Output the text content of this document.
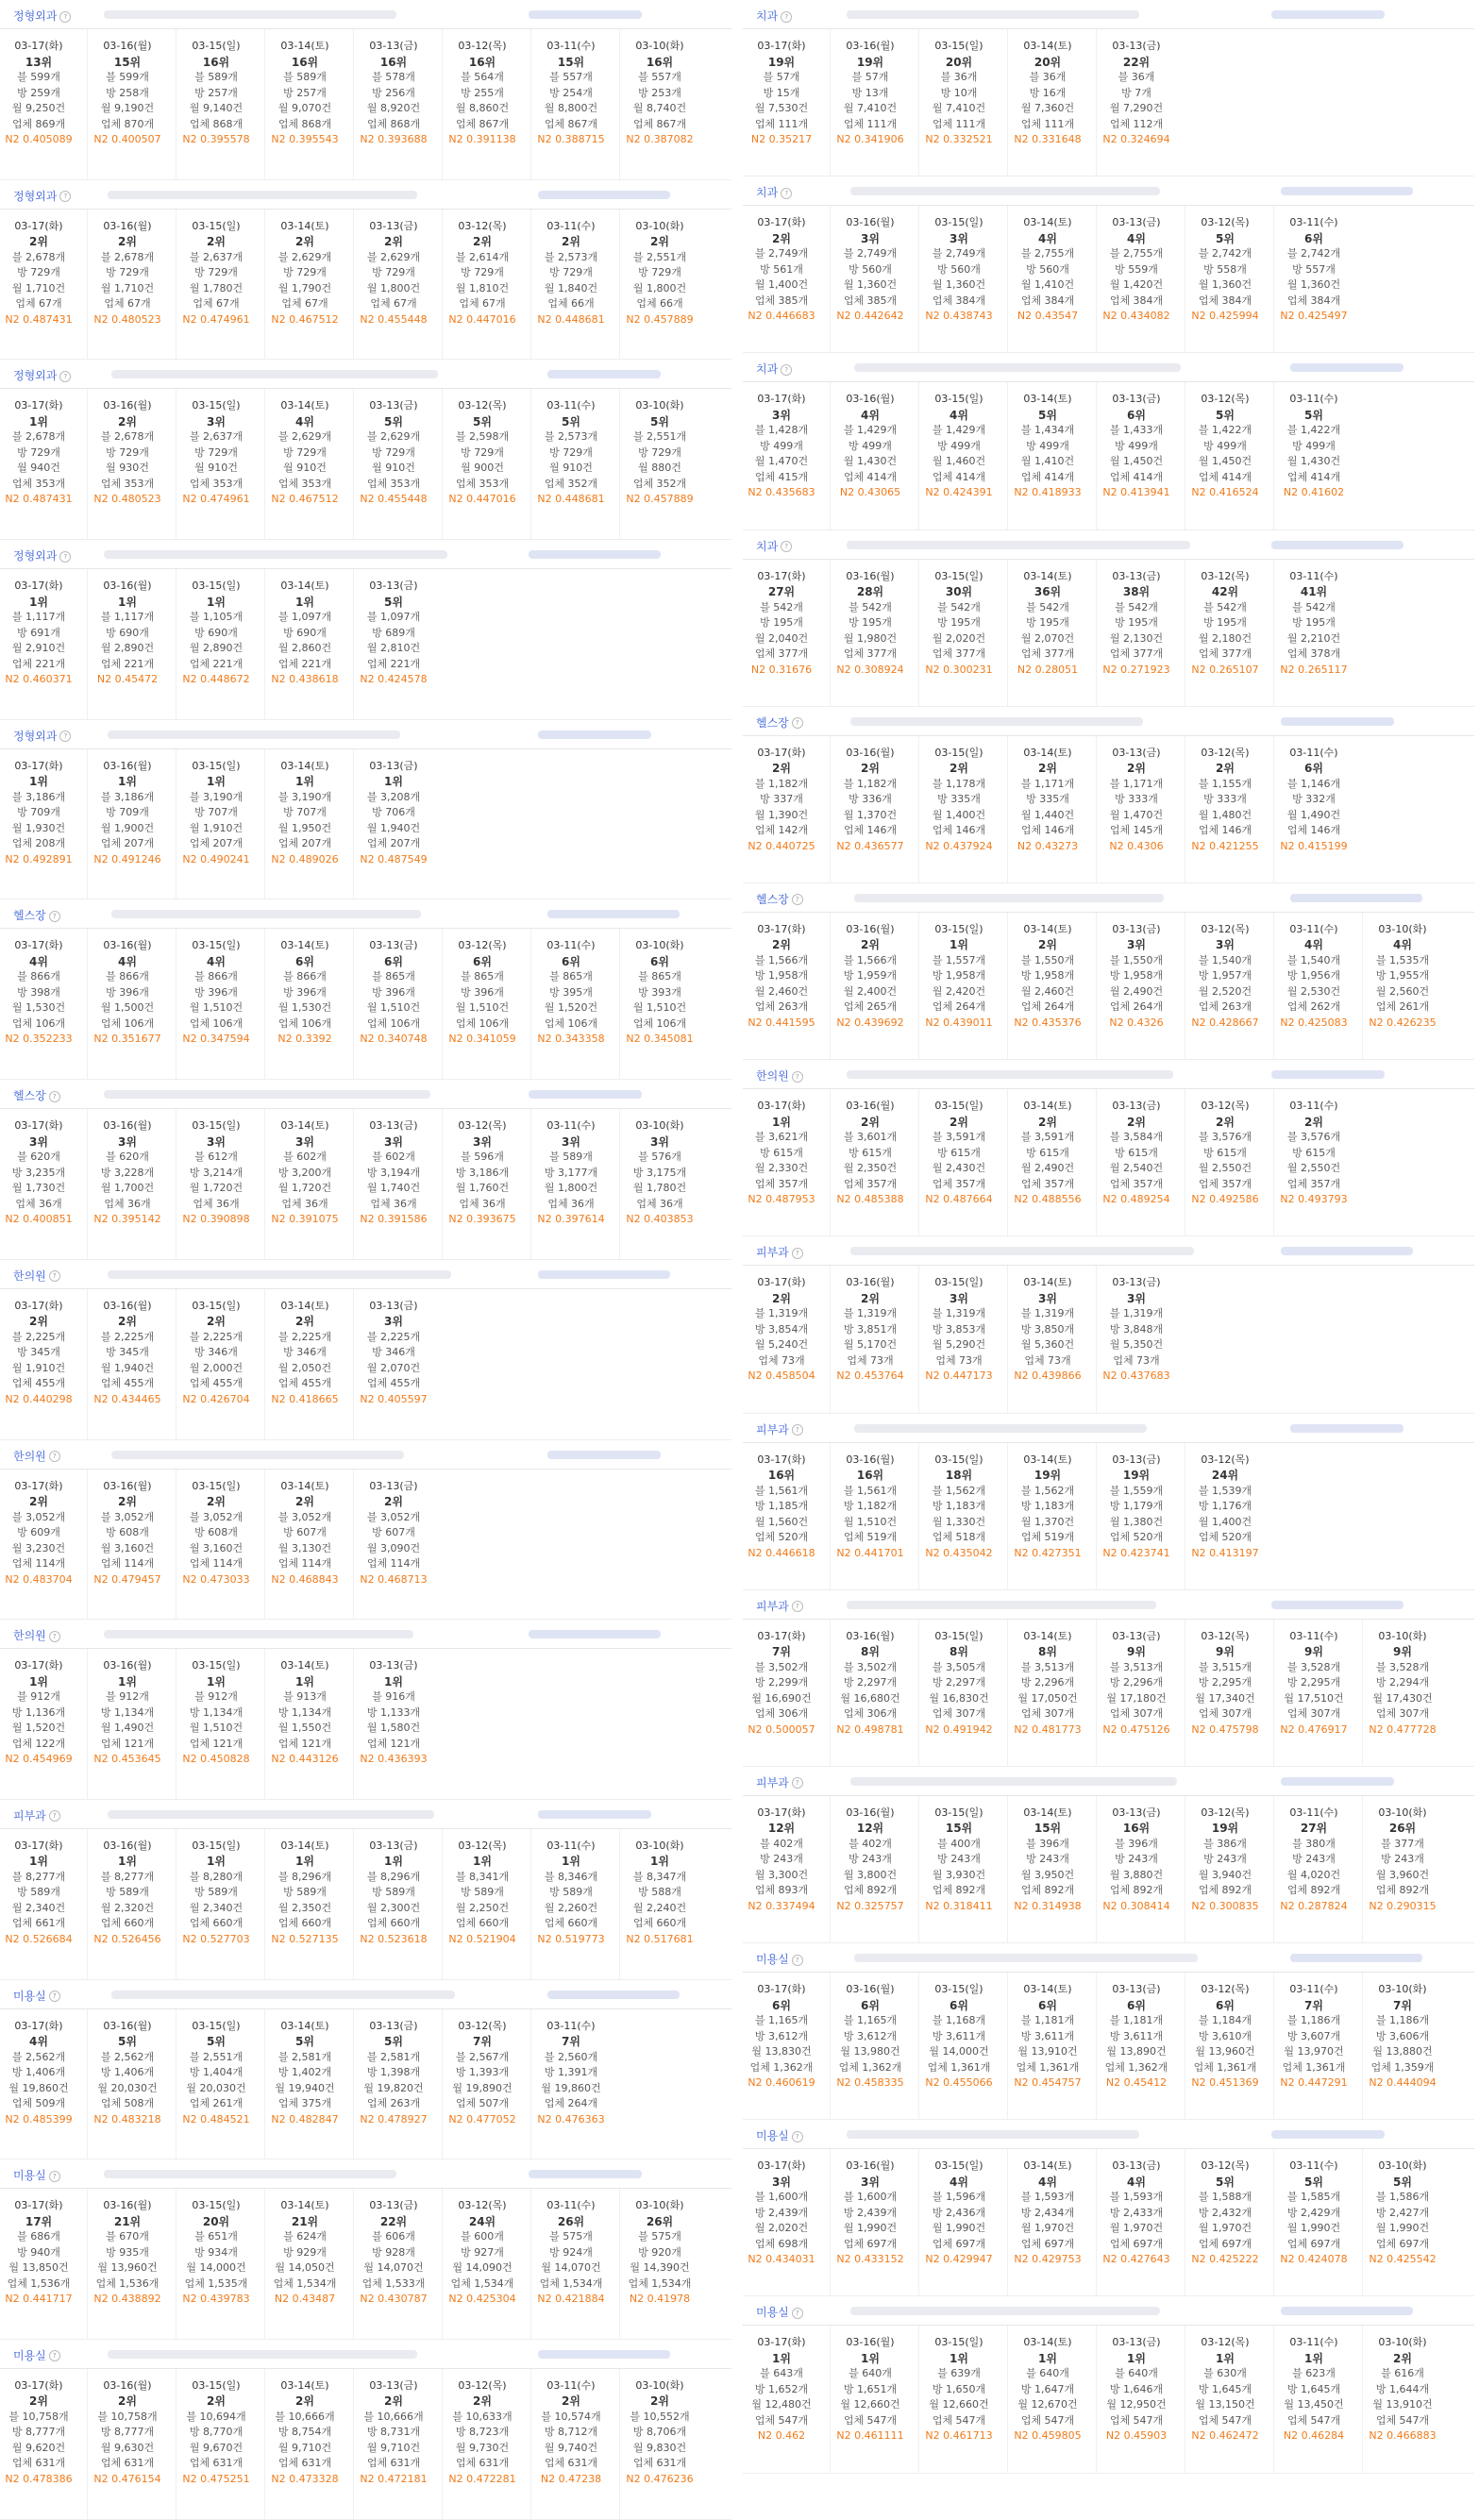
정형외과 ?
03-17(화)
13위
블 599개
방 259개
월 9,250건
업체 869개
N2 0.405089
03-16(월)
15위
블 599개
방 258개
월 9,190건
업체 870개
N2 0.400507
03-15(일)
16위
블 589개
방 257개
월 9,140건
업체 868개
N2 0.395578
03-14(토)
16위
블 589개
방 257개
월 9,070건
업체 868개
N2 0.395543
03-13(금)
16위
블 578개
방 256개
월 8,920건
업체 868개
N2 0.393688
03-12(목)
16위
블 564개
방 255개
월 8,860건
업체 867개
N2 0.391138
03-11(수)
15위
블 557개
방 254개
월 8,800건
업체 867개
N2 0.388715
03-10(화)
16위
블 557개
방 253개
월 8,740건
업체 867개
N2 0.387082
정형외과 ?
03-17(화)
2위
블 2,678개
방 729개
월 1,710건
업체 67개
N2 0.487431
03-16(월)
2위
블 2,678개
방 729개
월 1,710건
업체 67개
N2 0.480523
03-15(일)
2위
블 2,637개
방 729개
월 1,780건
업체 67개
N2 0.474961
03-14(토)
2위
블 2,629개
방 729개
월 1,790건
업체 67개
N2 0.467512
03-13(금)
2위
블 2,629개
방 729개
월 1,800건
업체 67개
N2 0.455448
03-12(목)
2위
블 2,614개
방 729개
월 1,810건
업체 67개
N2 0.447016
03-11(수)
2위
블 2,573개
방 729개
월 1,840건
업체 66개
N2 0.448681
03-10(화)
2위
블 2,551개
방 729개
월 1,800건
업체 66개
N2 0.457889
정형외과 ?
03-17(화)
1위
블 2,678개
방 729개
월 940건
업체 353개
N2 0.487431
03-16(월)
2위
블 2,678개
방 729개
월 930건
업체 353개
N2 0.480523
03-15(일)
3위
블 2,637개
방 729개
월 910건
업체 353개
N2 0.474961
03-14(토)
4위
블 2,629개
방 729개
월 910건
업체 353개
N2 0.467512
03-13(금)
5위
블 2,629개
방 729개
월 910건
업체 353개
N2 0.455448
03-12(목)
5위
블 2,598개
방 729개
월 900건
업체 353개
N2 0.447016
03-11(수)
5위
블 2,573개
방 729개
월 910건
업체 352개
N2 0.448681
03-10(화)
5위
블 2,551개
방 729개
월 880건
업체 352개
N2 0.457889
정형외과 ?
03-17(화)
1위
블 1,117개
방 691개
월 2,910건
업체 221개
N2 0.460371
03-16(월)
1위
블 1,117개
방 690개
월 2,890건
업체 221개
N2 0.45472
03-15(일)
1위
블 1,105개
방 690개
월 2,890건
업체 221개
N2 0.448672
03-14(토)
1위
블 1,097개
방 690개
월 2,860건
업체 221개
N2 0.438618
03-13(금)
5위
블 1,097개
방 689개
월 2,810건
업체 221개
N2 0.424578
정형외과 ?
03-17(화)
1위
블 3,186개
방 709개
월 1,930건
업체 208개
N2 0.492891
03-16(월)
1위
블 3,186개
방 709개
월 1,900건
업체 207개
N2 0.491246
03-15(일)
1위
블 3,190개
방 707개
월 1,910건
업체 207개
N2 0.490241
03-14(토)
1위
블 3,190개
방 707개
월 1,950건
업체 207개
N2 0.489026
03-13(금)
1위
블 3,208개
방 706개
월 1,940건
업체 207개
N2 0.487549
헬스장 ?
03-17(화)
4위
블 866개
방 398개
월 1,530건
업체 106개
N2 0.352233
03-16(월)
4위
블 866개
방 396개
월 1,500건
업체 106개
N2 0.351677
03-15(일)
4위
블 866개
방 396개
월 1,510건
업체 106개
N2 0.347594
03-14(토)
6위
블 866개
방 396개
월 1,530건
업체 106개
N2 0.3392
03-13(금)
6위
블 865개
방 396개
월 1,510건
업체 106개
N2 0.340748
03-12(목)
6위
블 865개
방 396개
월 1,510건
업체 106개
N2 0.341059
03-11(수)
6위
블 865개
방 395개
월 1,520건
업체 106개
N2 0.343358
03-10(화)
6위
블 865개
방 393개
월 1,510건
업체 106개
N2 0.345081
헬스장 ?
03-17(화)
3위
블 620개
방 3,235개
월 1,730건
업체 36개
N2 0.400851
03-16(월)
3위
블 620개
방 3,228개
월 1,700건
업체 36개
N2 0.395142
03-15(일)
3위
블 612개
방 3,214개
월 1,720건
업체 36개
N2 0.390898
03-14(토)
3위
블 602개
방 3,200개
월 1,720건
업체 36개
N2 0.391075
03-13(금)
3위
블 602개
방 3,194개
월 1,740건
업체 36개
N2 0.391586
03-12(목)
3위
블 596개
방 3,186개
월 1,760건
업체 36개
N2 0.393675
03-11(수)
3위
블 589개
방 3,177개
월 1,800건
업체 36개
N2 0.397614
03-10(화)
3위
블 576개
방 3,175개
월 1,780건
업체 36개
N2 0.403853
한의원 ?
03-17(화)
2위
블 2,225개
방 345개
월 1,910건
업체 455개
N2 0.440298
03-16(월)
2위
블 2,225개
방 345개
월 1,940건
업체 455개
N2 0.434465
03-15(일)
2위
블 2,225개
방 346개
월 2,000건
업체 455개
N2 0.426704
03-14(토)
2위
블 2,225개
방 346개
월 2,050건
업체 455개
N2 0.418665
03-13(금)
3위
블 2,225개
방 346개
월 2,070건
업체 455개
N2 0.405597
한의원 ?
03-17(화)
2위
블 3,052개
방 609개
월 3,230건
업체 114개
N2 0.483704
03-16(월)
2위
블 3,052개
방 608개
월 3,160건
업체 114개
N2 0.479457
03-15(일)
2위
블 3,052개
방 608개
월 3,160건
업체 114개
N2 0.473033
03-14(토)
2위
블 3,052개
방 607개
월 3,130건
업체 114개
N2 0.468843
03-13(금)
2위
블 3,052개
방 607개
월 3,090건
업체 114개
N2 0.468713
한의원 ?
03-17(화)
1위
블 912개
방 1,136개
월 1,520건
업체 122개
N2 0.454969
03-16(월)
1위
블 912개
방 1,134개
월 1,490건
업체 121개
N2 0.453645
03-15(일)
1위
블 912개
방 1,134개
월 1,510건
업체 121개
N2 0.450828
03-14(토)
1위
블 913개
방 1,134개
월 1,550건
업체 121개
N2 0.443126
03-13(금)
1위
블 916개
방 1,133개
월 1,580건
업체 121개
N2 0.436393
피부과 ?
03-17(화)
1위
블 8,277개
방 589개
월 2,340건
업체 661개
N2 0.526684
03-16(월)
1위
블 8,277개
방 589개
월 2,320건
업체 660개
N2 0.526456
03-15(일)
1위
블 8,280개
방 589개
월 2,340건
업체 660개
N2 0.527703
03-14(토)
1위
블 8,296개
방 589개
월 2,350건
업체 660개
N2 0.527135
03-13(금)
1위
블 8,296개
방 589개
월 2,300건
업체 660개
N2 0.523618
03-12(목)
1위
블 8,341개
방 589개
월 2,250건
업체 660개
N2 0.521904
03-11(수)
1위
블 8,346개
방 589개
월 2,260건
업체 660개
N2 0.519773
03-10(화)
1위
블 8,347개
방 588개
월 2,240건
업체 660개
N2 0.517681
미용실 ?
03-17(화)
4위
블 2,562개
방 1,406개
월 19,860건
업체 509개
N2 0.485399
03-16(월)
5위
블 2,562개
방 1,406개
월 20,030건
업체 508개
N2 0.483218
03-15(일)
5위
블 2,551개
방 1,404개
월 20,030건
업체 261개
N2 0.484521
03-14(토)
5위
블 2,581개
방 1,402개
월 19,940건
업체 375개
N2 0.482847
03-13(금)
5위
블 2,581개
방 1,398개
월 19,820건
업체 263개
N2 0.478927
03-12(목)
7위
블 2,567개
방 1,393개
월 19,890건
업체 507개
N2 0.477052
03-11(수)
7위
블 2,560개
방 1,391개
월 19,860건
업체 264개
N2 0.476363
미용실 ?
03-17(화)
17위
블 686개
방 940개
월 13,850건
업체 1,536개
N2 0.441717
03-16(월)
21위
블 670개
방 935개
월 13,960건
업체 1,536개
N2 0.438892
03-15(일)
20위
블 651개
방 934개
월 14,000건
업체 1,535개
N2 0.439783
03-14(토)
21위
블 624개
방 929개
월 14,050건
업체 1,534개
N2 0.43487
03-13(금)
22위
블 606개
방 928개
월 14,070건
업체 1,533개
N2 0.430787
03-12(목)
24위
블 600개
방 927개
월 14,090건
업체 1,534개
N2 0.425304
03-11(수)
26위
블 575개
방 924개
월 14,070건
업체 1,534개
N2 0.421884
03-10(화)
26위
블 575개
방 920개
월 14,390건
업체 1,534개
N2 0.41978
미용실 ?
03-17(화)
2위
블 10,758개
방 8,777개
월 9,620건
업체 631개
N2 0.478386
03-16(월)
2위
블 10,758개
방 8,777개
월 9,630건
업체 631개
N2 0.476154
03-15(일)
2위
블 10,694개
방 8,770개
월 9,670건
업체 631개
N2 0.475251
03-14(토)
2위
블 10,666개
방 8,754개
월 9,710건
업체 631개
N2 0.473328
03-13(금)
2위
블 10,666개
방 8,731개
월 9,710건
업체 631개
N2 0.472181
03-12(목)
2위
블 10,633개
방 8,723개
월 9,730건
업체 631개
N2 0.472281
03-11(수)
2위
블 10,574개
방 8,712개
월 9,740건
업체 631개
N2 0.47238
03-10(화)
2위
블 10,552개
방 8,706개
월 9,830건
업체 631개
N2 0.476236
치과 ?
03-17(화)
19위
블 57개
방 15개
월 7,530건
업체 111개
N2 0.35217
03-16(월)
19위
블 57개
방 13개
월 7,410건
업체 111개
N2 0.341906
03-15(일)
20위
블 36개
방 10개
월 7,410건
업체 111개
N2 0.332521
03-14(토)
20위
블 36개
방 16개
월 7,360건
업체 111개
N2 0.331648
03-13(금)
22위
블 36개
방 7개
월 7,290건
업체 112개
N2 0.324694
치과 ?
03-17(화)
2위
블 2,749개
방 561개
월 1,400건
업체 385개
N2 0.446683
03-16(월)
3위
블 2,749개
방 560개
월 1,360건
업체 385개
N2 0.442642
03-15(일)
3위
블 2,749개
방 560개
월 1,360건
업체 384개
N2 0.438743
03-14(토)
4위
블 2,755개
방 560개
월 1,410건
업체 384개
N2 0.43547
03-13(금)
4위
블 2,755개
방 559개
월 1,420건
업체 384개
N2 0.434082
03-12(목)
5위
블 2,742개
방 558개
월 1,360건
업체 384개
N2 0.425994
03-11(수)
6위
블 2,742개
방 557개
월 1,360건
업체 384개
N2 0.425497
치과 ?
03-17(화)
3위
블 1,428개
방 499개
월 1,470건
업체 415개
N2 0.435683
03-16(월)
4위
블 1,429개
방 499개
월 1,430건
업체 414개
N2 0.43065
03-15(일)
4위
블 1,429개
방 499개
월 1,460건
업체 414개
N2 0.424391
03-14(토)
5위
블 1,434개
방 499개
월 1,410건
업체 414개
N2 0.418933
03-13(금)
6위
블 1,433개
방 499개
월 1,450건
업체 414개
N2 0.413941
03-12(목)
5위
블 1,422개
방 499개
월 1,450건
업체 414개
N2 0.416524
03-11(수)
5위
블 1,422개
방 499개
월 1,430건
업체 414개
N2 0.41602
치과 ?
03-17(화)
27위
블 542개
방 195개
월 2,040건
업체 377개
N2 0.31676
03-16(월)
28위
블 542개
방 195개
월 1,980건
업체 377개
N2 0.308924
03-15(일)
30위
블 542개
방 195개
월 2,020건
업체 377개
N2 0.300231
03-14(토)
36위
블 542개
방 195개
월 2,070건
업체 377개
N2 0.28051
03-13(금)
38위
블 542개
방 195개
월 2,130건
업체 377개
N2 0.271923
03-12(목)
42위
블 542개
방 195개
월 2,180건
업체 377개
N2 0.265107
03-11(수)
41위
블 542개
방 195개
월 2,210건
업체 378개
N2 0.265117
헬스장 ?
03-17(화)
2위
블 1,182개
방 337개
월 1,390건
업체 142개
N2 0.440725
03-16(월)
2위
블 1,182개
방 336개
월 1,370건
업체 146개
N2 0.436577
03-15(일)
2위
블 1,178개
방 335개
월 1,400건
업체 146개
N2 0.437924
03-14(토)
2위
블 1,171개
방 335개
월 1,440건
업체 146개
N2 0.43273
03-13(금)
2위
블 1,171개
방 333개
월 1,470건
업체 145개
N2 0.4306
03-12(목)
2위
블 1,155개
방 333개
월 1,480건
업체 146개
N2 0.421255
03-11(수)
6위
블 1,146개
방 332개
월 1,490건
업체 146개
N2 0.415199
헬스장 ?
03-17(화)
2위
블 1,566개
방 1,958개
월 2,460건
업체 263개
N2 0.441595
03-16(월)
2위
블 1,566개
방 1,959개
월 2,400건
업체 265개
N2 0.439692
03-15(일)
1위
블 1,557개
방 1,958개
월 2,420건
업체 264개
N2 0.439011
03-14(토)
2위
블 1,550개
방 1,958개
월 2,460건
업체 264개
N2 0.435376
03-13(금)
3위
블 1,550개
방 1,958개
월 2,490건
업체 264개
N2 0.4326
03-12(목)
3위
블 1,540개
방 1,957개
월 2,520건
업체 263개
N2 0.428667
03-11(수)
4위
블 1,540개
방 1,956개
월 2,530건
업체 262개
N2 0.425083
03-10(화)
4위
블 1,535개
방 1,955개
월 2,560건
업체 261개
N2 0.426235
한의원 ?
03-17(화)
1위
블 3,621개
방 615개
월 2,330건
업체 357개
N2 0.487953
03-16(월)
2위
블 3,601개
방 615개
월 2,350건
업체 357개
N2 0.485388
03-15(일)
2위
블 3,591개
방 615개
월 2,430건
업체 357개
N2 0.487664
03-14(토)
2위
블 3,591개
방 615개
월 2,490건
업체 357개
N2 0.488556
03-13(금)
2위
블 3,584개
방 615개
월 2,540건
업체 357개
N2 0.489254
03-12(목)
2위
블 3,576개
방 615개
월 2,550건
업체 357개
N2 0.492586
03-11(수)
2위
블 3,576개
방 615개
월 2,550건
업체 357개
N2 0.493793
피부과 ?
03-17(화)
2위
블 1,319개
방 3,854개
월 5,240건
업체 73개
N2 0.458504
03-16(월)
2위
블 1,319개
방 3,851개
월 5,170건
업체 73개
N2 0.453764
03-15(일)
3위
블 1,319개
방 3,853개
월 5,290건
업체 73개
N2 0.447173
03-14(토)
3위
블 1,319개
방 3,850개
월 5,360건
업체 73개
N2 0.439866
03-13(금)
3위
블 1,319개
방 3,848개
월 5,350건
업체 73개
N2 0.437683
피부과 ?
03-17(화)
16위
블 1,561개
방 1,185개
월 1,560건
업체 520개
N2 0.446618
03-16(월)
16위
블 1,561개
방 1,182개
월 1,510건
업체 519개
N2 0.441701
03-15(일)
18위
블 1,562개
방 1,183개
월 1,330건
업체 518개
N2 0.435042
03-14(토)
19위
블 1,562개
방 1,183개
월 1,370건
업체 519개
N2 0.427351
03-13(금)
19위
블 1,559개
방 1,179개
월 1,380건
업체 520개
N2 0.423741
03-12(목)
24위
블 1,539개
방 1,176개
월 1,400건
업체 520개
N2 0.413197
피부과 ?
03-17(화)
7위
블 3,502개
방 2,299개
월 16,690건
업체 306개
N2 0.500057
03-16(월)
8위
블 3,502개
방 2,297개
월 16,680건
업체 306개
N2 0.498781
03-15(일)
8위
블 3,505개
방 2,297개
월 16,830건
업체 307개
N2 0.491942
03-14(토)
8위
블 3,513개
방 2,296개
월 17,050건
업체 307개
N2 0.481773
03-13(금)
9위
블 3,513개
방 2,296개
월 17,180건
업체 307개
N2 0.475126
03-12(목)
9위
블 3,515개
방 2,295개
월 17,340건
업체 307개
N2 0.475798
03-11(수)
9위
블 3,528개
방 2,295개
월 17,510건
업체 307개
N2 0.476917
03-10(화)
9위
블 3,528개
방 2,294개
월 17,430건
업체 307개
N2 0.477728
피부과 ?
03-17(화)
12위
블 402개
방 243개
월 3,300건
업체 893개
N2 0.337494
03-16(월)
12위
블 402개
방 243개
월 3,800건
업체 892개
N2 0.325757
03-15(일)
15위
블 400개
방 243개
월 3,930건
업체 892개
N2 0.318411
03-14(토)
15위
블 396개
방 243개
월 3,950건
업체 892개
N2 0.314938
03-13(금)
16위
블 396개
방 243개
월 3,880건
업체 892개
N2 0.308414
03-12(목)
19위
블 386개
방 243개
월 3,940건
업체 892개
N2 0.300835
03-11(수)
27위
블 380개
방 243개
월 4,020건
업체 892개
N2 0.287824
03-10(화)
26위
블 377개
방 243개
월 3,960건
업체 892개
N2 0.290315
미용실 ?
03-17(화)
6위
블 1,165개
방 3,612개
월 13,830건
업체 1,362개
N2 0.460619
03-16(월)
6위
블 1,165개
방 3,612개
월 13,980건
업체 1,362개
N2 0.458335
03-15(일)
6위
블 1,168개
방 3,611개
월 14,000건
업체 1,361개
N2 0.455066
03-14(토)
6위
블 1,181개
방 3,611개
월 13,910건
업체 1,361개
N2 0.454757
03-13(금)
6위
블 1,181개
방 3,611개
월 13,890건
업체 1,362개
N2 0.45412
03-12(목)
6위
블 1,184개
방 3,610개
월 13,960건
업체 1,361개
N2 0.451369
03-11(수)
7위
블 1,186개
방 3,607개
월 13,970건
업체 1,361개
N2 0.447291
03-10(화)
7위
블 1,186개
방 3,606개
월 13,880건
업체 1,359개
N2 0.444094
미용실 ?
03-17(화)
3위
블 1,600개
방 2,439개
월 2,020건
업체 698개
N2 0.434031
03-16(월)
3위
블 1,600개
방 2,439개
월 1,990건
업체 697개
N2 0.433152
03-15(일)
4위
블 1,596개
방 2,436개
월 1,990건
업체 697개
N2 0.429947
03-14(토)
4위
블 1,593개
방 2,434개
월 1,970건
업체 697개
N2 0.429753
03-13(금)
4위
블 1,593개
방 2,433개
월 1,970건
업체 697개
N2 0.427643
03-12(목)
5위
블 1,588개
방 2,432개
월 1,970건
업체 697개
N2 0.425222
03-11(수)
5위
블 1,585개
방 2,429개
월 1,990건
업체 697개
N2 0.424078
03-10(화)
5위
블 1,586개
방 2,427개
월 1,990건
업체 697개
N2 0.425542
미용실 ?
03-17(화)
1위
블 643개
방 1,652개
월 12,480건
업체 547개
N2 0.462
03-16(월)
1위
블 640개
방 1,651개
월 12,660건
업체 547개
N2 0.461111
03-15(일)
1위
블 639개
방 1,650개
월 12,660건
업체 547개
N2 0.461713
03-14(토)
1위
블 640개
방 1,647개
월 12,670건
업체 547개
N2 0.459805
03-13(금)
1위
블 640개
방 1,646개
월 12,950건
업체 547개
N2 0.45903
03-12(목)
1위
블 630개
방 1,645개
월 13,150건
업체 547개
N2 0.462472
03-11(수)
1위
블 623개
방 1,645개
월 13,450건
업체 547개
N2 0.46284
03-10(화)
2위
블 616개
방 1,644개
월 13,910건
업체 547개
N2 0.466883
